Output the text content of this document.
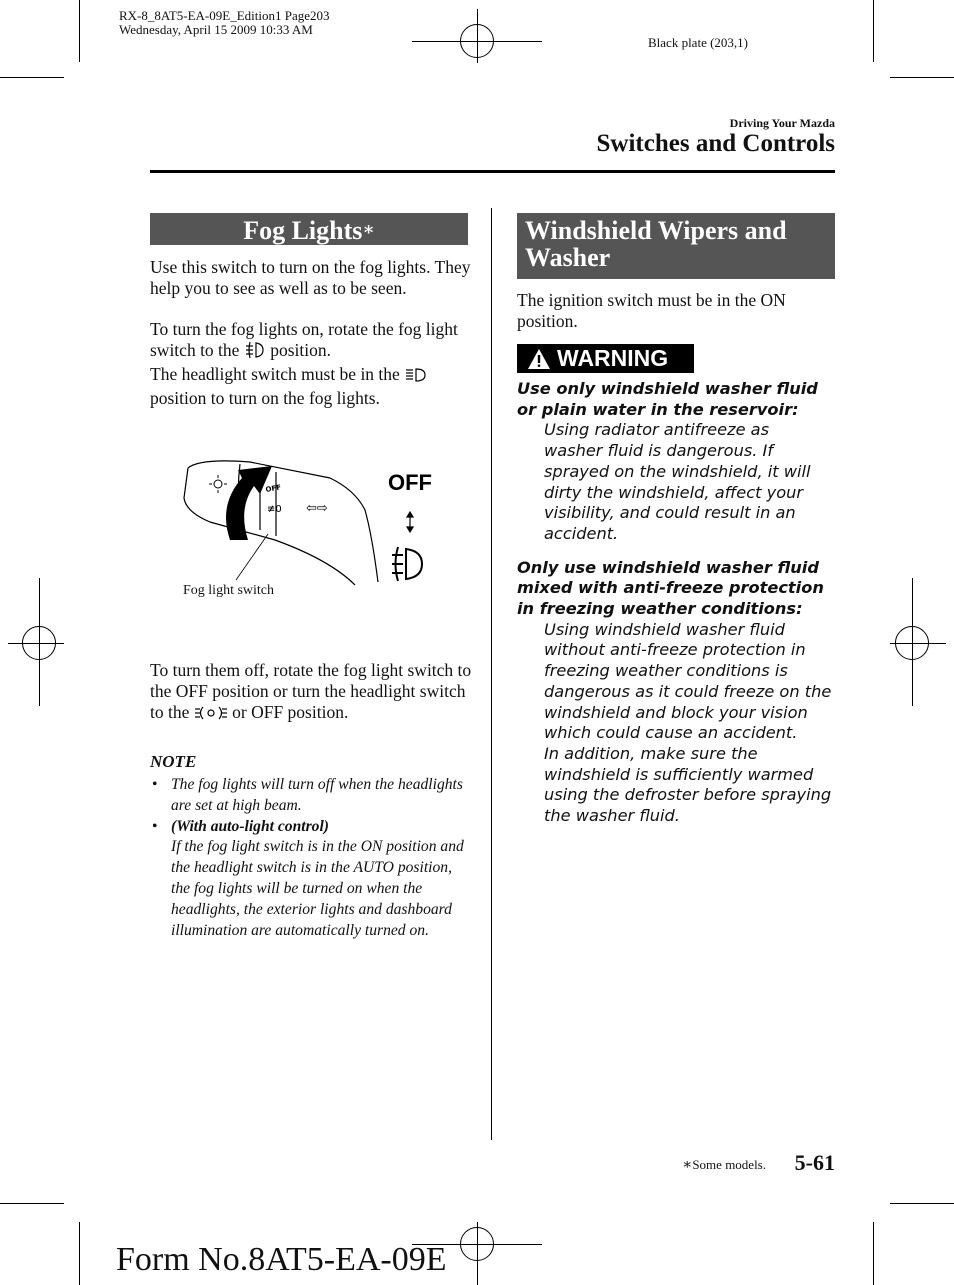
RX-8_8AT5-EA-09E_Edition1 Page203
Wednesday, April 15 2009 10:33 AM
Black plate (203,1)
Driving Your Mazda
Switches and Controls
Fog Lights∗

Use this switch to turn on the fog lights. They help you to see as well as to be seen.

To turn the fog lights on, rotate the fog light switch to the position.
The headlight switch must be in the
position to turn on the fog lights.
OFF
≢0 ⇦⇨
OFF
Fog light switch
To turn them off, rotate the fog light switch to the OFF position or turn the headlight switch to the or OFF position.
NOTE
• The fog lights will turn off when the headlights are set at high beam.
• (With auto-light control)
If the fog light switch is in the ON position and the headlight switch is in the AUTO position, the fog lights will be turned on when the headlights, the exterior lights and dashboard illumination are automatically turned on.
Windshield Wipers and Washer

The ignition switch must be in the ON position.

WARNING

Use only windshield washer fluid or plain water in the reservoir:

Using radiator antifreeze as washer fluid is dangerous. If sprayed on the windshield, it will dirty the windshield, affect your visibility, and could result in an accident.

Only use windshield washer fluid mixed with anti-freeze protection in freezing weather conditions:

Using windshield washer fluid without anti-freeze protection in freezing weather conditions is dangerous as it could freeze on the windshield and block your vision which could cause an accident.

In addition, make sure the windshield is sufficiently warmed using the defroster before spraying the washer fluid.

∗Some models. 5-61
Form No.8AT5-EA-09E
